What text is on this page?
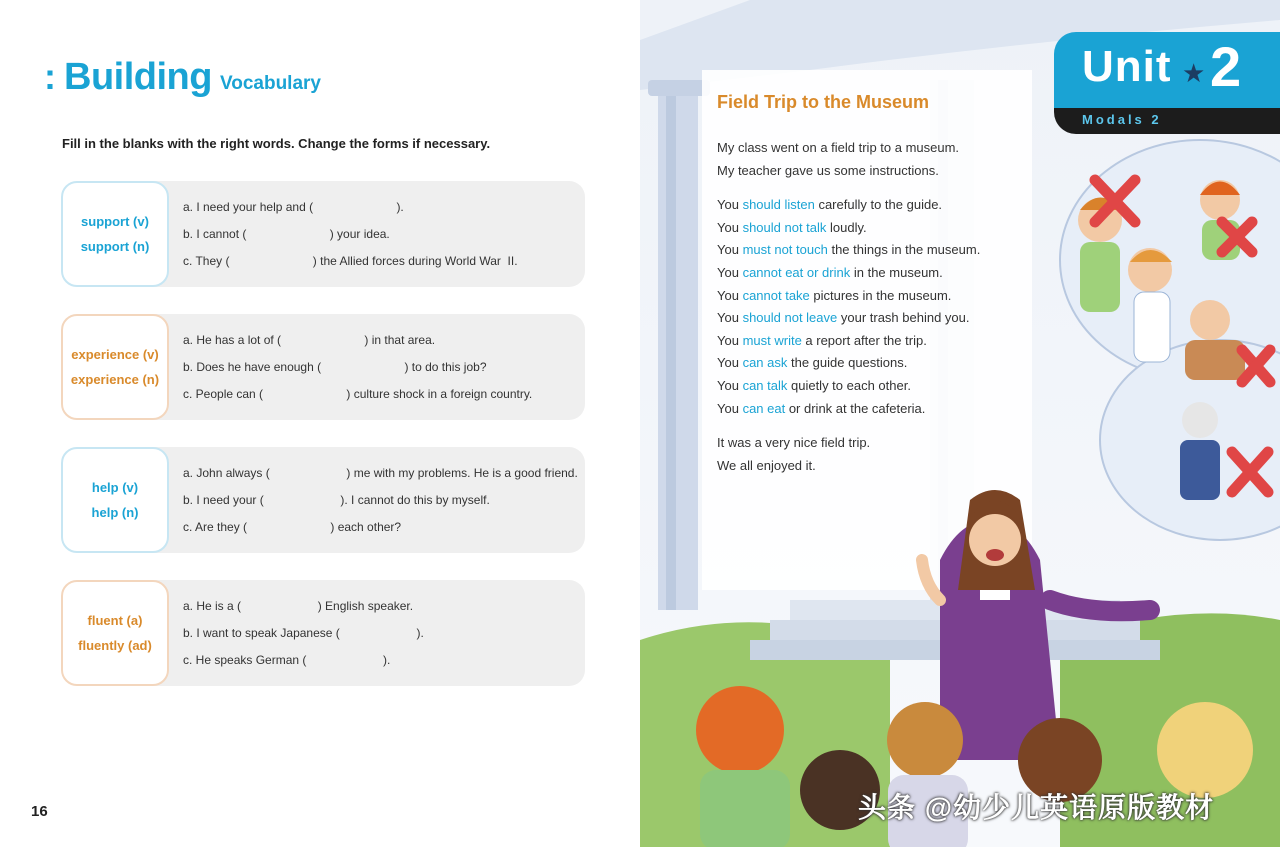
: Building Vocabulary
Fill in the blanks with the right words. Change the forms if necessary.
support (v)
support (n)
a. I need your help and (                         ).
b. I cannot (                         ) your idea.
c. They (                         ) the Allied forces during World War  II.
experience (v)
experience (n)
a. He has a lot of (                         ) in that area.
b. Does he have enough (                         ) to do this job?
c. People can (                         ) culture shock in a foreign country.
help (v)
help (n)
a. John always (                       ) me with my problems. He is a good friend.
b. I need your (                       ). I cannot do this by myself.
c. Are they (                         ) each other?
fluent (a)
fluently (ad)
a. He is a (                       ) English speaker.
b. I want to speak Japanese (                       ).
c. He speaks German (                       ).
16
Unit ★ 2
Modals 2
Field Trip to the Museum

My class went on a field trip to a museum.

My teacher gave us some instructions.

You should listen carefully to the guide.

You should not talk loudly.

You must not touch the things in the museum.

You cannot eat or drink in the museum.

You cannot take pictures in the museum.

You should not leave your trash behind you.

You must write a report after the trip.

You can ask the guide questions.

You can talk quietly to each other.

You can eat or drink at the cafeteria.

It was a very nice field trip.

We all enjoyed it.

头条 @幼少儿英语原版教材
